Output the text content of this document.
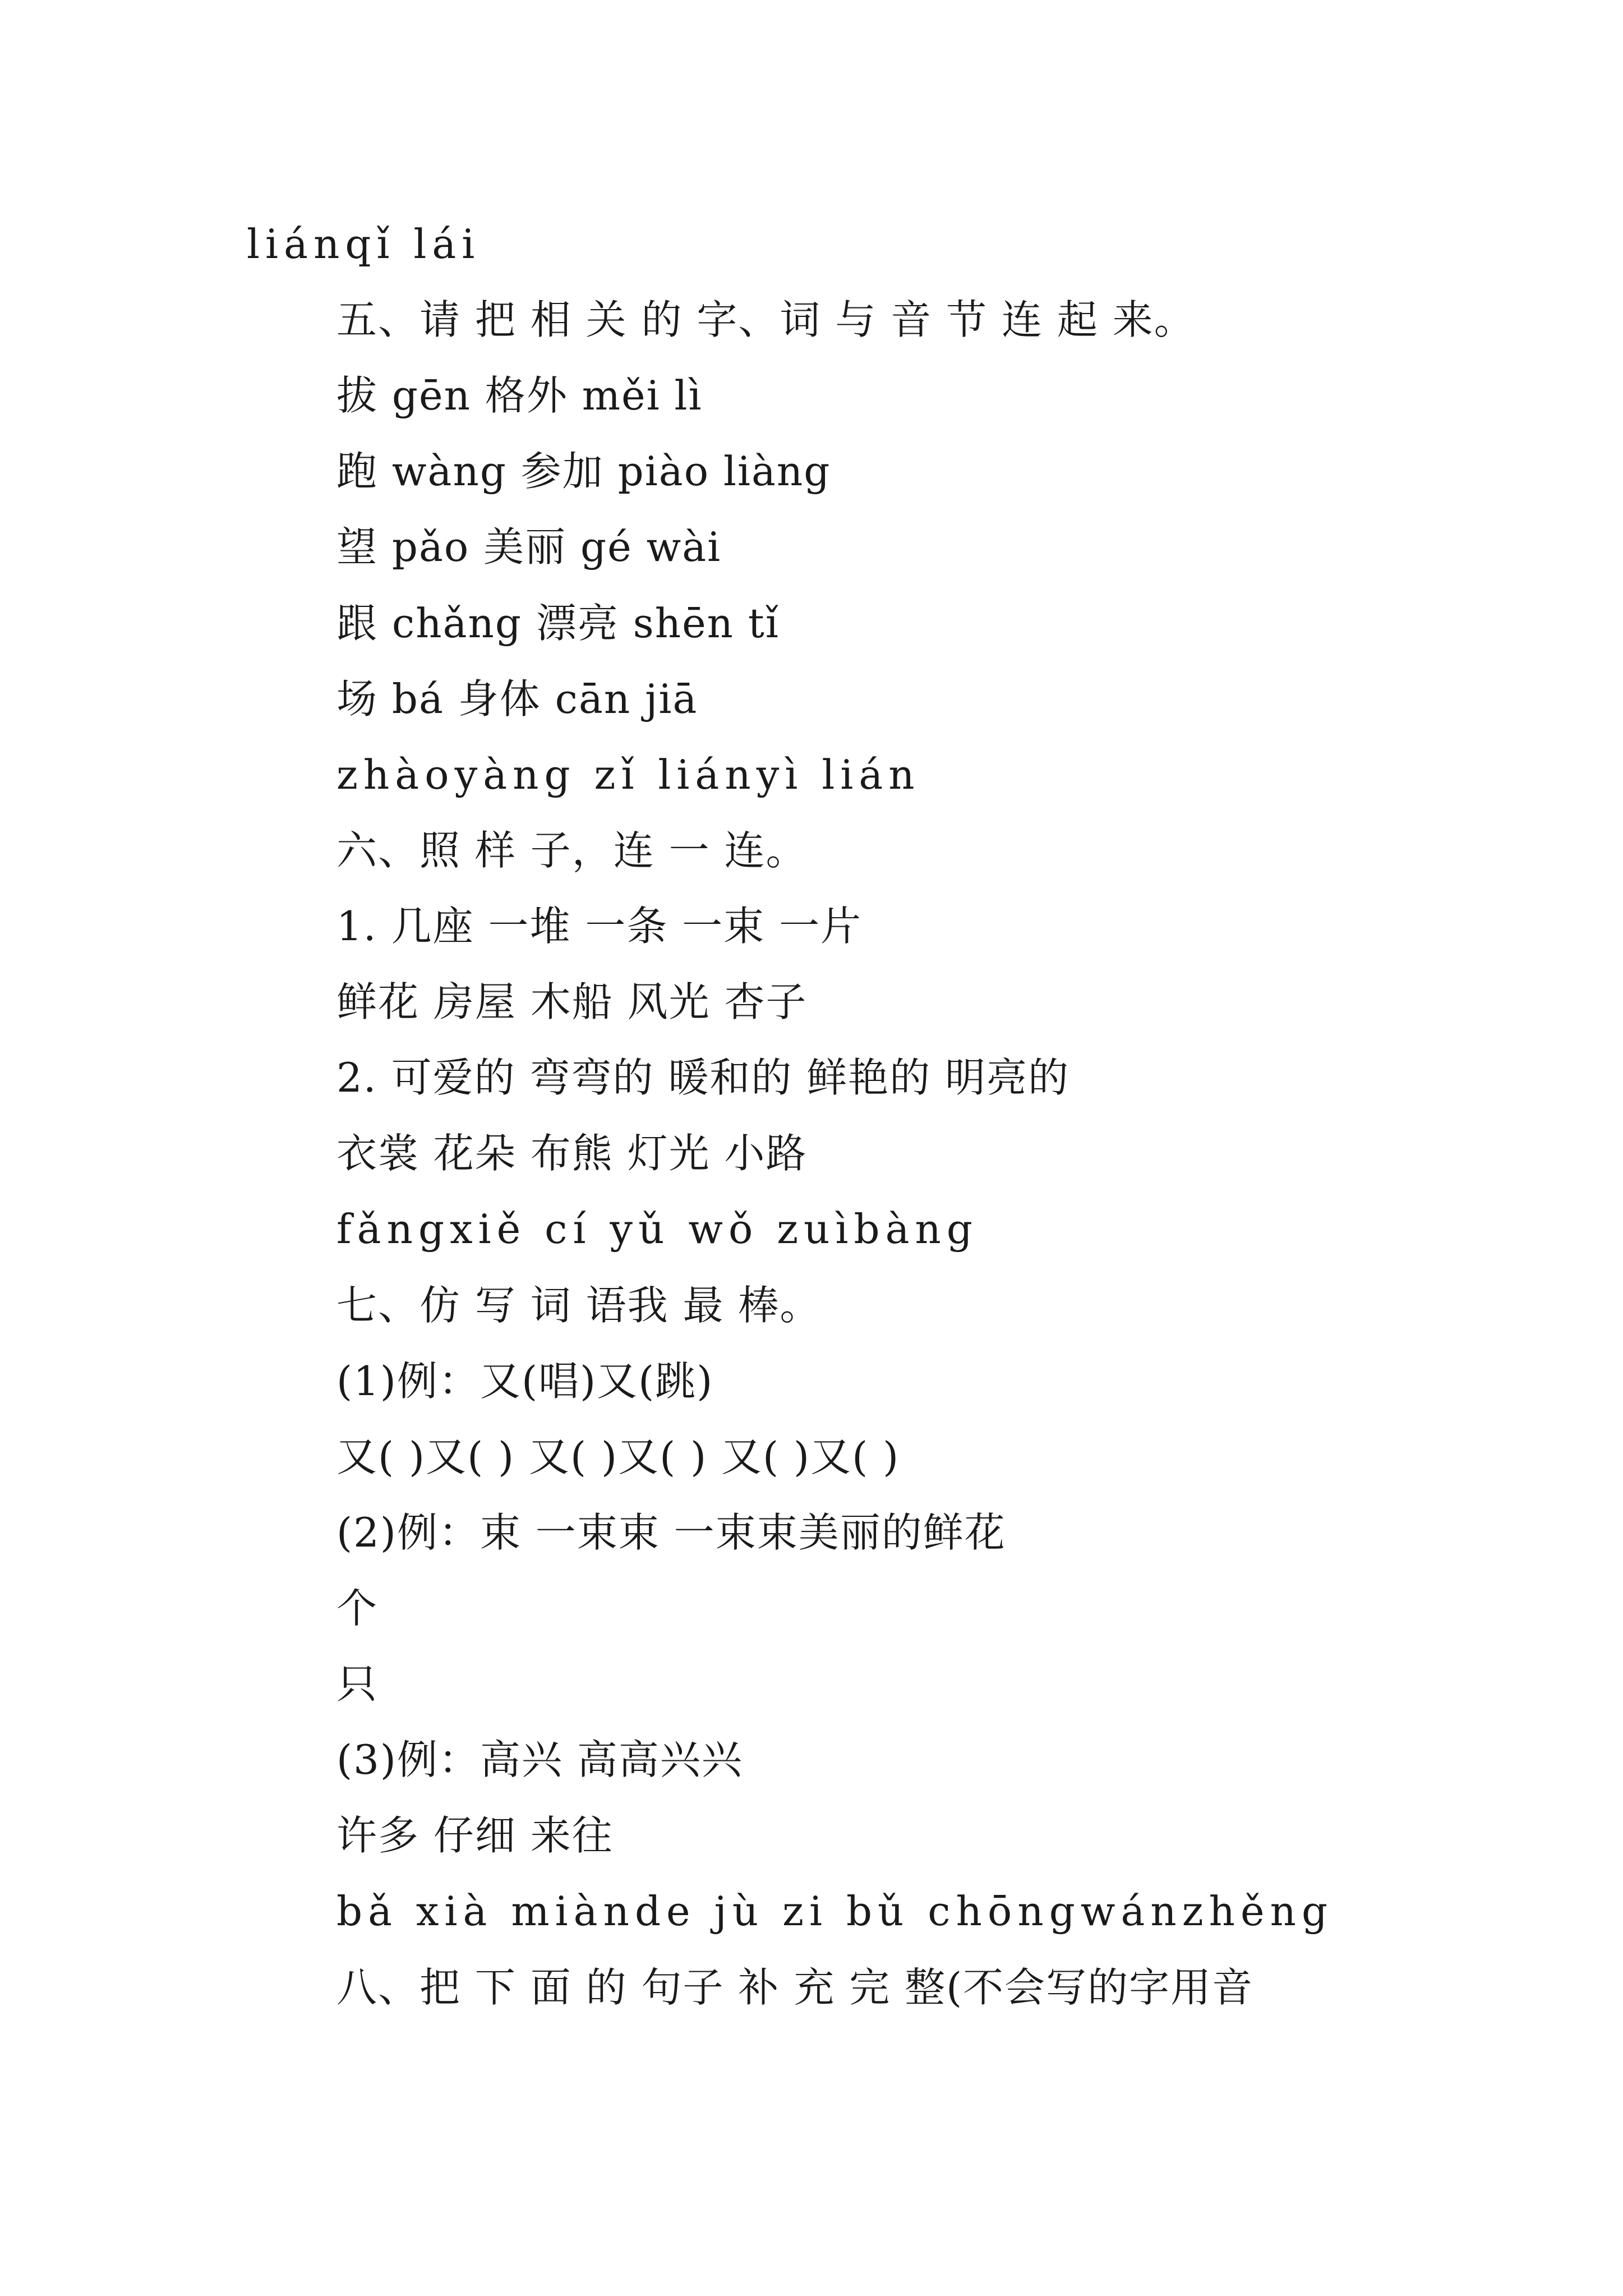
liánqǐ lái
五、请 把 相 关 的 字、词 与 音 节 连 起 来。
拔 gēn 格外 měi lì
跑 wàng 参加 piào liàng
望 pǎo 美丽 gé wài
跟 chǎng 漂亮 shēn tǐ
场 bá 身体 cān jiā
zhàoyàng zǐ liányì lián
六、照 样 子，连 一 连。
1. 几座 一堆 一条 一束 一片
鲜花 房屋 木船 风光 杏子
2. 可爱的 弯弯的 暖和的 鲜艳的 明亮的
衣裳 花朵 布熊 灯光 小路
fǎngxiě cí yǔ wǒ zuìbàng
七、仿 写 词 语我 最 棒。
(1)例：又(唱)又(跳)
又( )又( ) 又( )又( ) 又( )又( )
(2)例：束 一束束 一束束美丽的鲜花
个
只
(3)例：高兴 高高兴兴
许多 仔细 来往
bǎ xià miànde jù zi bǔ chōngwánzhěng
八、把 下 面 的 句子 补 充 完 整(不会写的字用音
